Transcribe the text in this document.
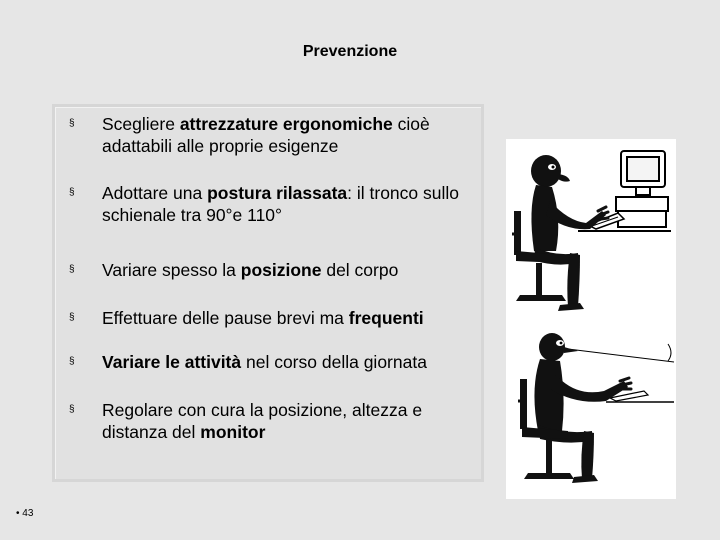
Prevenzione
§ Scegliere attrezzature ergonomiche cioè adattabili alle proprie esigenze
§ Adottare una postura rilassata: il tronco sullo schienale tra 90°e 110°
§ Variare spesso la posizione del corpo
§ Effettuare delle pause brevi ma frequenti
§ Variare le attività nel corso della giornata
§ Regolare con cura la posizione, altezza e distanza del monitor
• 43
